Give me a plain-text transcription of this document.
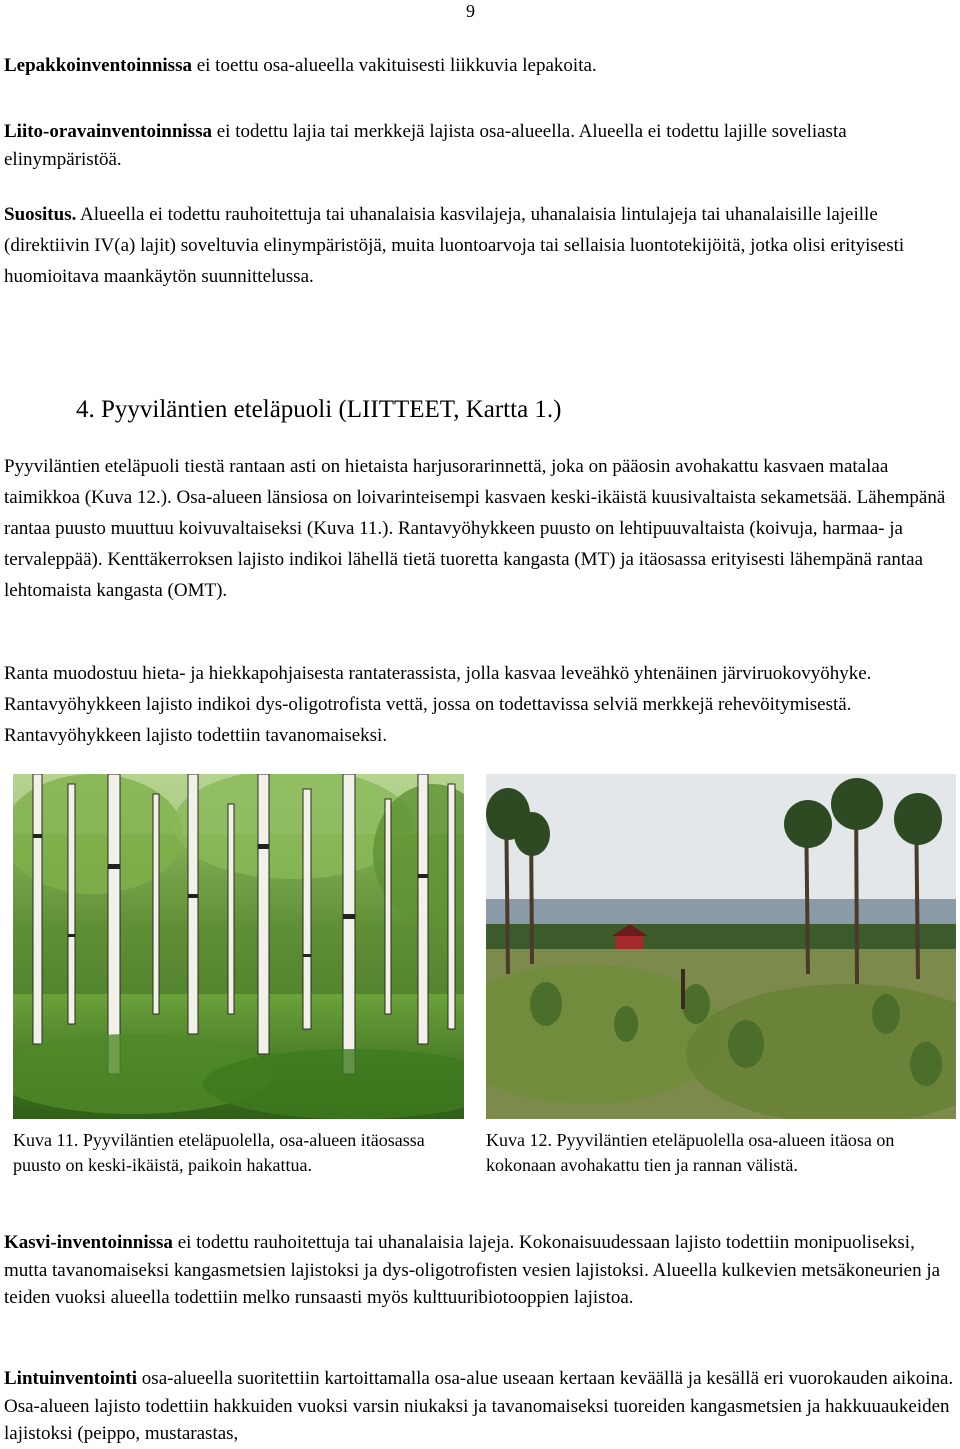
9

Lepakkoinventoinnissa ei toettu osa-alueella vakituisesti liikkuvia lepakoita.

Liito-oravainventoinnissa ei todettu lajia tai merkkejä lajista osa-alueella. Alueella ei todettu lajille soveliasta elinympäristöä.

Suositus. Alueella ei todettu rauhoitettuja tai uhanalaisia kasvilajeja, uhanalaisia lintulajeja tai uhanalaisille lajeille (direktiivin IV(a) lajit) soveltuvia elinympäristöjä, muita luontoarvoja tai sellaisia luontotekijöitä, jotka olisi erityisesti huomioitava maankäytön suunnittelussa.

4. Pyyviläntien eteläpuoli (LIITTEET, Kartta 1.)

Pyyviläntien eteläpuoli tiestä rantaan asti on hietaista harjusorarinnettä, joka on pääosin avohakattu kasvaen matalaa taimikkoa (Kuva 12.). Osa-alueen länsiosa on loivarinteisempi kasvaen keski-ikäistä kuusivaltaista sekametsää. Lähempänä rantaa puusto muuttuu koivuvaltaiseksi (Kuva 11.). Rantavyöhykkeen puusto on lehtipuuvaltaista (koivuja, harmaa- ja tervaleppää). Kenttäkerroksen lajisto indikoi lähellä tietä tuoretta kangasta (MT) ja itäosassa erityisesti lähempänä rantaa lehtomaista kangasta (OMT).

Ranta muodostuu hieta- ja hiekkapohjaisesta rantaterassista, jolla kasvaa leveähkö yhtenäinen järviruokovyöhyke. Rantavyöhykkeen lajisto indikoi dys-oligotrofista vettä, jossa on todettavissa selviä merkkejä rehevöitymisestä. Rantavyöhykkeen lajisto todettiin tavanomaiseksi.

Kuva 11. Pyyviläntien eteläpuolella, osa-alueen itäosassa puusto on keski-ikäistä, paikoin hakattua.
Kuva 12. Pyyviläntien eteläpuolella osa-alueen itäosa on kokonaan avohakattu tien ja rannan välistä.

Kasvi-inventoinnissa ei todettu rauhoitettuja tai uhanalaisia lajeja. Kokonaisuudessaan lajisto todettiin monipuoliseksi, mutta tavanomaiseksi kangasmetsien lajistoksi ja dys-oligotrofisten vesien lajistoksi. Alueella kulkevien metsäkoneurien ja teiden vuoksi alueella todettiin melko runsaasti myös kulttuuribiotooppien lajistoa.

Lintuinventointi osa-alueella suoritettiin kartoittamalla osa-alue useaan kertaan keväällä ja kesällä eri vuorokauden aikoina. Osa-alueen lajisto todettiin hakkuiden vuoksi varsin niukaksi ja tavanomaiseksi tuoreiden kangasmetsien ja hakkuuaukeiden lajistoksi (peippo, mustarastas,
